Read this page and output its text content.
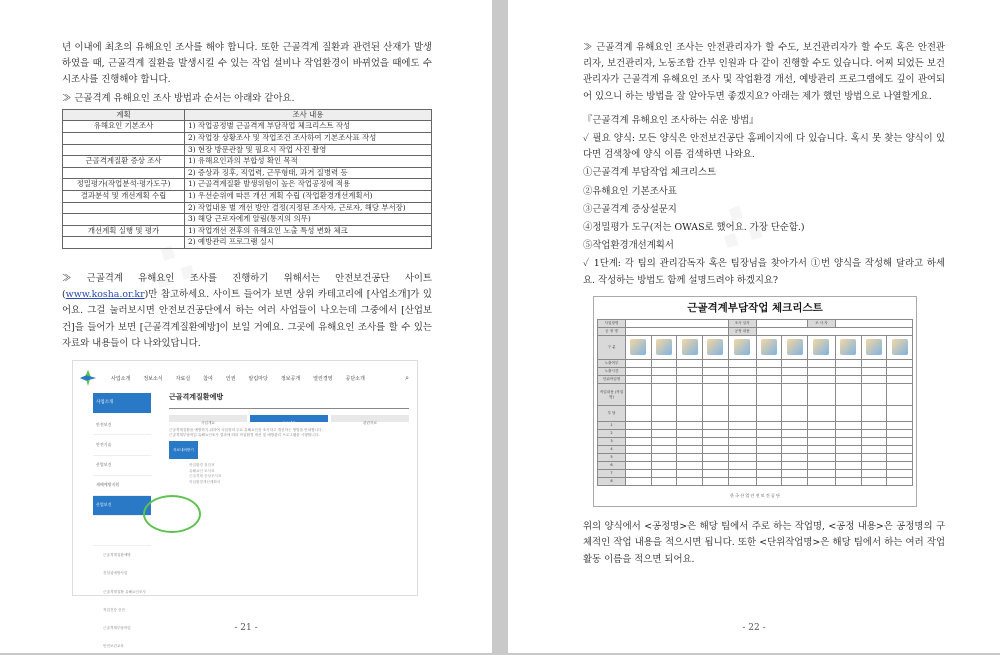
∴

년 이내에 최초의 유해요인 조사를 해야 합니다. 또한 근골격계 질환과 관련된 산재가 발생하였을 때, 근골격계 질환을 발생시킬 수 있는 작업 설비나 작업환경이 바뀌었을 때에도 수시조사를 진행해야 합니다.

≫ 근골격계 유해요인 조사 방법과 순서는 아래와 같아요.

계획	조사 내용
유해요인 기본조사	1) 작업공정별 근골격계 부담작업 체크리스트 작성
	2) 작업장 상황조사 및 작업조건 조사하여 기본조사표 작성
	3) 현장 방문관찰 및 필요시 작업 사진 촬영
근골격계질환 증상 조사	1) 유해요인과의 부합성 확인 목적
	2) 증상과 징후, 직업력, 근무형태, 과거 질병력 등
정밀평가(작업분석·평가도구)	1) 근골격계질환 발생위험이 높은 작업공정에 적용
결과분석 및 개선계획 수립	1) 우선순위에 따른 개선 계획 수립 (작업환경개선계획서)
	2) 작업내용 별 개선 방안 결정(지정된 조사자, 근로자, 해당 부서장)
	3) 해당 근로자에게 알림(통지의 의무)
개선계획 실행 및 평가	1) 작업개선 전후의 유해요인 노출 특성 변화 체크
	2) 예방관리 프로그램 실시

≫ 근골격계 유해요인 조사를 진행하기 위해서는 안전보건공단 사이트(www.kosha.or.kr)만 참고하세요. 사이트 들어가 보면 상위 카테고리에 [사업소개]가 있어요. 그걸 눌러보시면 안전보건공단에서 하는 여러 사업들이 나오는데 그중에서 [산업보건]을 들어가 보면 [근골격계질환예방]이 보일 거예요. 그곳에 유해요인 조사를 할 수 있는 자료와 내용들이 다 나와있답니다.

사업소개	정보소식	자료실	참여	인권	알림마당	정보공개	열린경영	공단소개	⌕
사업소개
안전보건
안전기술
산업보건
재해예방지원
산업보건
근골격계질환예방
건설업예방사업
근골격계질환 유해요인조사
직업건강 증진
근골격계부담작업
안전보건교육
근골격계질환예방
사업개요	주요내용	관련자료
근골격계질환을 예방하기 위하여 사업장의 주요 유해요인을 조사하고 개선하는 방법을 안내합니다.
근골격계부담작업 유해요인조사 결과에 따라 작업환경 개선 및 예방관리 프로그램을 시행합니다.
자료내려받기
작업환경 점검표
유해요인 조사표
근골격계 증상조사표
작업환경개선계획서
- 21 -
∴

≫ 근골격계 유해요인 조사는 안전관리자가 할 수도, 보건관리자가 할 수도 혹은 안전관리자, 보건관리자, 노동조합 간부 인원과 다 같이 진행할 수도 있습니다. 어찌 되었든 보건관리자가 근골격계 유해요인 조사 및 작업환경 개선, 예방관리 프로그램에도 깊이 관여되어 있으니 하는 방법을 잘 알아두면 좋겠지요? 아래는 제가 했던 방법으로 나열할게요.

『근골격계 유해요인 조사하는 쉬운 방법』

✓ 필요 양식: 모든 양식은 안전보건공단 홈페이지에 다 있습니다. 혹시 못 찾는 양식이 있다면 검색창에 양식 이름 검색하면 나와요.

①근골격계 부담작업 체크리스트

②유해요인 기본조사표

③근골격계 증상설문지

④정밀평가 도구(저는 OWAS로 했어요. 가장 단순함.)

⑤작업환경개선계획서

✓ 1단계: 각 팀의 관리감독자 혹은 팀장님을 찾아가서 ①번 양식을 작성해 달라고 하세요. 작성하는 방법도 함께 설명드려야 하겠지요?

근골격계부담작업 체크리스트
사업장명					조사 일자			조 사 자			
공 정 명					공정 내용						
구 분											
노출여부											
노출시간											
단위작업명											
작업내용 (작업명)											
부 담											
1											
2											
3											
4											
5											
6											
7											
8											
한 국 산 업 안 전 보 건 공 단

위의 양식에서 <공정명>은 해당 팀에서 주로 하는 작업명, <공정 내용>은 공정명의 구체적인 작업 내용을 적으시면 됩니다. 또한 <단위작업명>은 해당 팀에서 하는 여러 작업 활동 이름을 적으면 되어요.

- 22 -
